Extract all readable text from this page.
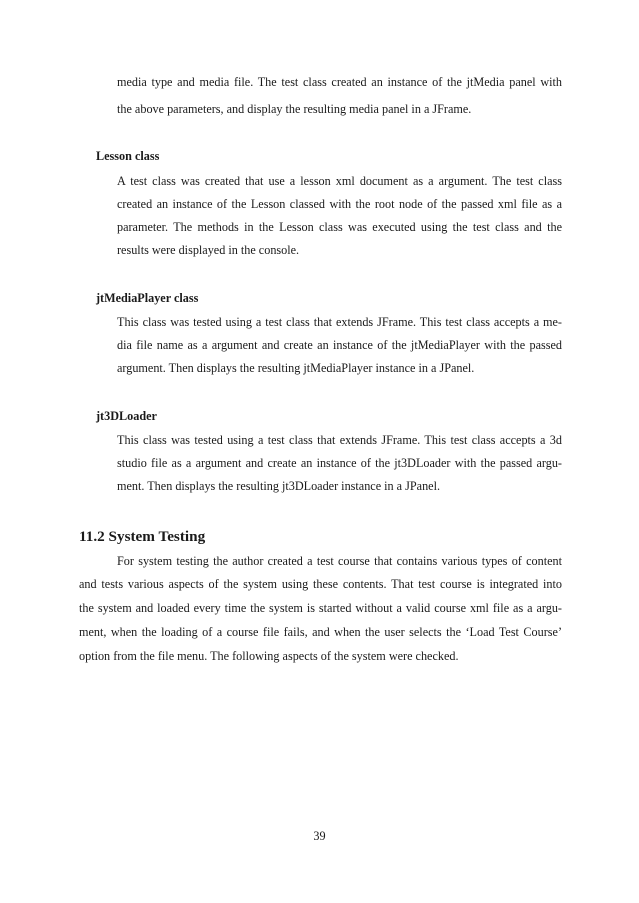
media type and media file. The test class created an instance of the jtMedia panel with
the above parameters, and display the resulting media panel in a JFrame.
Lesson class
A test class was created that use a lesson xml document as a argument. The test class
created an instance of the Lesson classed with the root node of the passed xml file as a
parameter. The methods in the Lesson class was executed using the test class and the
results were displayed in the console.
jtMediaPlayer class
This class was tested using a test class that extends JFrame. This test class accepts a me-
dia file name as a argument and create an instance of the jtMediaPlayer with the passed
argument. Then displays the resulting jtMediaPlayer instance in a JPanel.
jt3DLoader
This class was tested using a test class that extends JFrame. This test class accepts a 3d
studio file as a argument and create an instance of the jt3DLoader with the passed argu-
ment. Then displays the resulting jt3DLoader instance in a JPanel.
11.2 System Testing
For system testing the author created a test course that contains various types of content
and tests various aspects of the system using these contents. That test course is integrated into
the system and loaded every time the system is started without a valid course xml file as a argu-
ment, when the loading of a course file fails, and when the user selects the ‘Load Test Course’
option from the file menu. The following aspects of the system were checked.
39
